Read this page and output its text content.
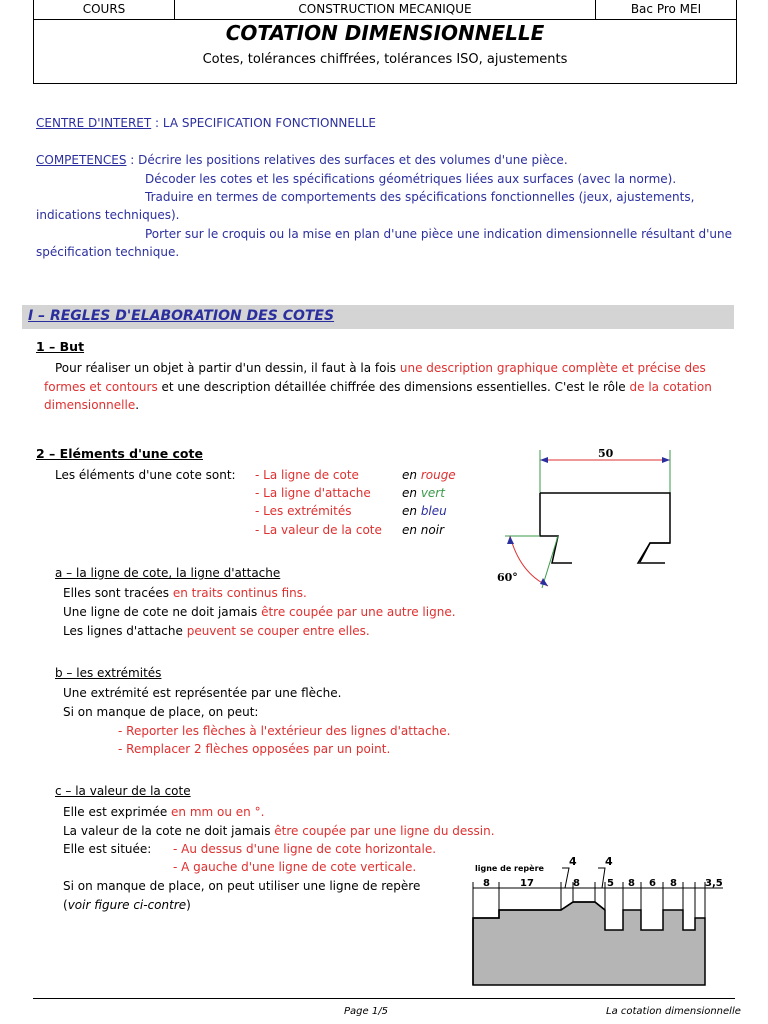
COURS	CONSTRUCTION MECANIQUE	Bac Pro MEI
COTATION DIMENSIONNELLE
Cotes, tolérances chiffrées, tolérances ISO, ajustements
CENTRE D'INTERET : LA SPECIFICATION FONCTIONNELLE
COMPETENCES : Décrire les positions relatives des surfaces et des volumes d'une pièce.
Décoder les cotes et les spécifications géométriques liées aux surfaces (avec la norme).
Traduire en termes de comportements des spécifications fonctionnelles (jeux, ajustements,
indications techniques).
Porter sur le croquis ou la mise en plan d'une pièce une indication dimensionnelle résultant d'une
spécification technique.
I – REGLES D'ELABORATION DES COTES
1 – But
Pour réaliser un objet à partir d'un dessin, il faut à la fois une description graphique complète et précise des
formes et contours et une description détaillée chiffrée des dimensions essentielles. C'est le rôle de la cotation
dimensionnelle.
2 – Eléments d'une cote
Les éléments d'une cote sont: - La ligne de cote	en rouge
- La ligne d'attache	en vert
- Les extrémités	en bleu
- La valeur de la cote en noir
50
60°
a – la ligne de cote, la ligne d'attache
Elles sont tracées en traits continus fins.
Une ligne de cote ne doit jamais être coupée par une autre ligne.
Les lignes d'attache peuvent se couper entre elles.
b – les extrémités
Une extrémité est représentée par une flèche.
Si on manque de place, on peut:
- Reporter les flèches à l'extérieur des lignes d'attache.
- Remplacer 2 flèches opposées par un point.
c – la valeur de la cote
Elle est exprimée en mm ou en °.
La valeur de la cote ne doit jamais être coupée par une ligne du dessin.
Elle est située: - Au dessus d'une ligne de cote horizontale.
- A gauche d'une ligne de cote verticale.
Si on manque de place, on peut utiliser une ligne de repère
(voir figure ci-contre)
ligne de repère
4	4
8	17	8	5 8 6 8	3,5
Page 1/5	La cotation dimensionnelle
